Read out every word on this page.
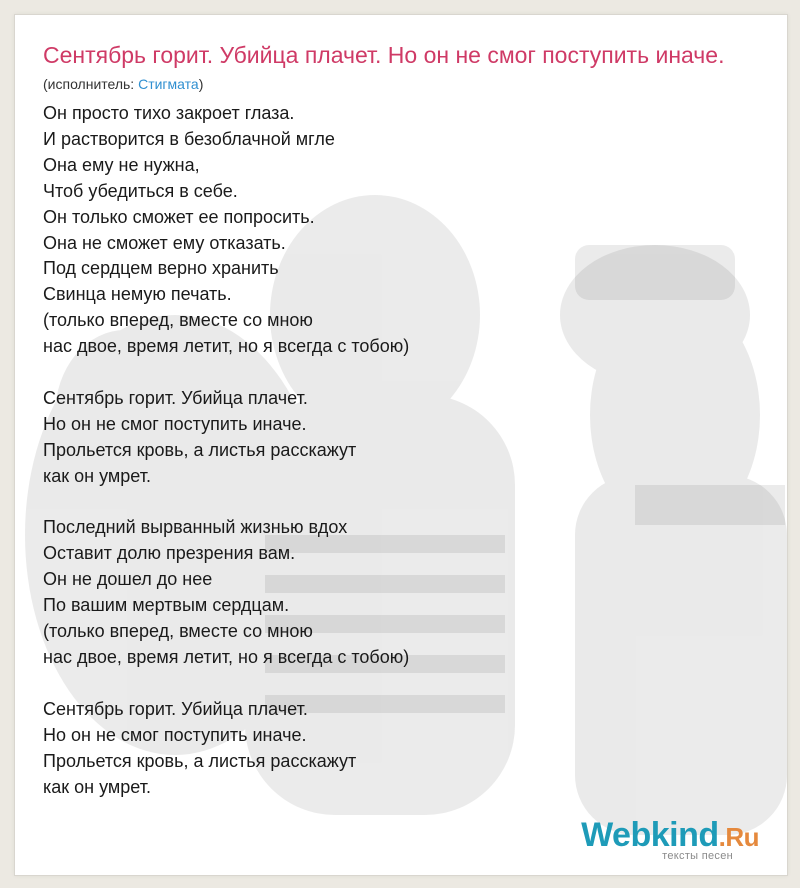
Сентябрь горит. Убийца плачет. Но он не смог поступить иначе.
(исполнитель: Стигмата)
Он просто тихо закроет глаза.
И растворится в безоблачной мгле
Она ему не нужна,
Чтоб убедиться в себе.
Он только сможет ее попросить.
Она не сможет ему отказать.
Под сердцем верно хранить
Свинца немую печать.
(только вперед, вместе со мною
нас двое, время летит, но я всегда с тобою)
Сентябрь горит. Убийца плачет.
Но он не смог поступить иначе.
Прольется кровь, а листья расскажут
как он умрет.
Последний вырванный жизнью вдох
Оставит долю презрения вам.
Он не дошел до нее
По вашим мертвым сердцам.
(только вперед, вместе со мною
нас двое, время летит, но я всегда с тобою)
Сентябрь горит. Убийца плачет.
Но он не смог поступить иначе.
Прольется кровь, а листья расскажут
как он умрет.
Webkind.Ru
тексты песен
